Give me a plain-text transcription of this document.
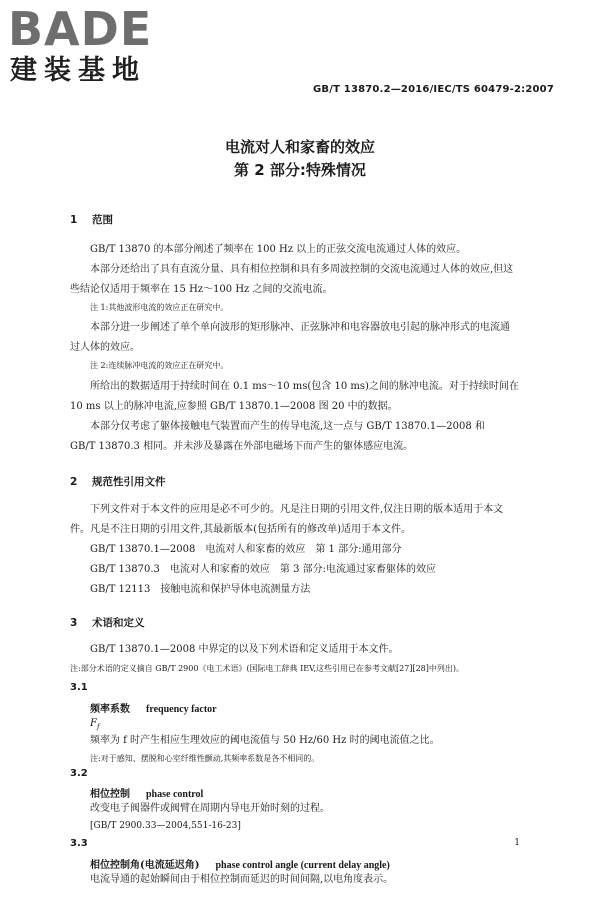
BADE
建装基地
GB/T 13870.2—2016/IEC/TS 60479-2:2007
电流对人和家畜的效应
第 2 部分:特殊情况
1 范围
GB/T 13870 的本部分阐述了频率在 100 Hz 以上的正弦交流电流通过人体的效应。
本部分还给出了具有直流分量、具有相位控制和具有多周波控制的交流电流通过人体的效应,但这
些结论仅适用于频率在 15 Hz～100 Hz 之间的交流电流。
注 1:其他波形电流的效应正在研究中。
本部分进一步阐述了单个单向波形的矩形脉冲、正弦脉冲和电容器放电引起的脉冲形式的电流通
过人体的效应。
注 2:连续脉冲电流的效应正在研究中。
所给出的数据适用于持续时间在 0.1 ms～10 ms(包含 10 ms)之间的脉冲电流。对于持续时间在
10 ms 以上的脉冲电流,应参照 GB/T 13870.1—2008 图 20 中的数据。
本部分仅考虑了躯体接触电气装置而产生的传导电流,这一点与 GB/T 13870.1—2008 和
GB/T 13870.3 相同。并未涉及暴露在外部电磁场下而产生的躯体感应电流。
2 规范性引用文件
下列文件对于本文件的应用是必不可少的。凡是注日期的引用文件,仅注日期的版本适用于本文
件。凡是不注日期的引用文件,其最新版本(包括所有的修改单)适用于本文件。
GB/T 13870.1—2008　电流对人和家畜的效应　第 1 部分:通用部分
GB/T 13870.3　电流对人和家畜的效应　第 3 部分:电流通过家畜躯体的效应
GB/T 12113　接触电流和保护导体电流测量方法
3 术语和定义
GB/T 13870.1—2008 中界定的以及下列术语和定义适用于本文件。
注:部分术语的定义摘自 GB/T 2900《电工术语》(国际电工辞典 IEV,这些引用已在参考文献[27][28]中列出)。
3.1
频率系数 frequency factor
$F_f$
频率为 f 时产生相应生理效应的阈电流值与 50 Hz/60 Hz 时的阈电流值之比。
注:对于感知、摆脱和心室纤维性颤动,其频率系数是各不相同的。
3.2
相位控制 phase control
改变电子阀器件或阀臂在周期内导电开始时刻的过程。
[GB/T 2900.33—2004,551-16-23]
3.3
相位控制角(电流延迟角) phase control angle (current delay angle)
电流导通的起始瞬间由于相位控制而延迟的时间间隔,以电角度表示。
1
